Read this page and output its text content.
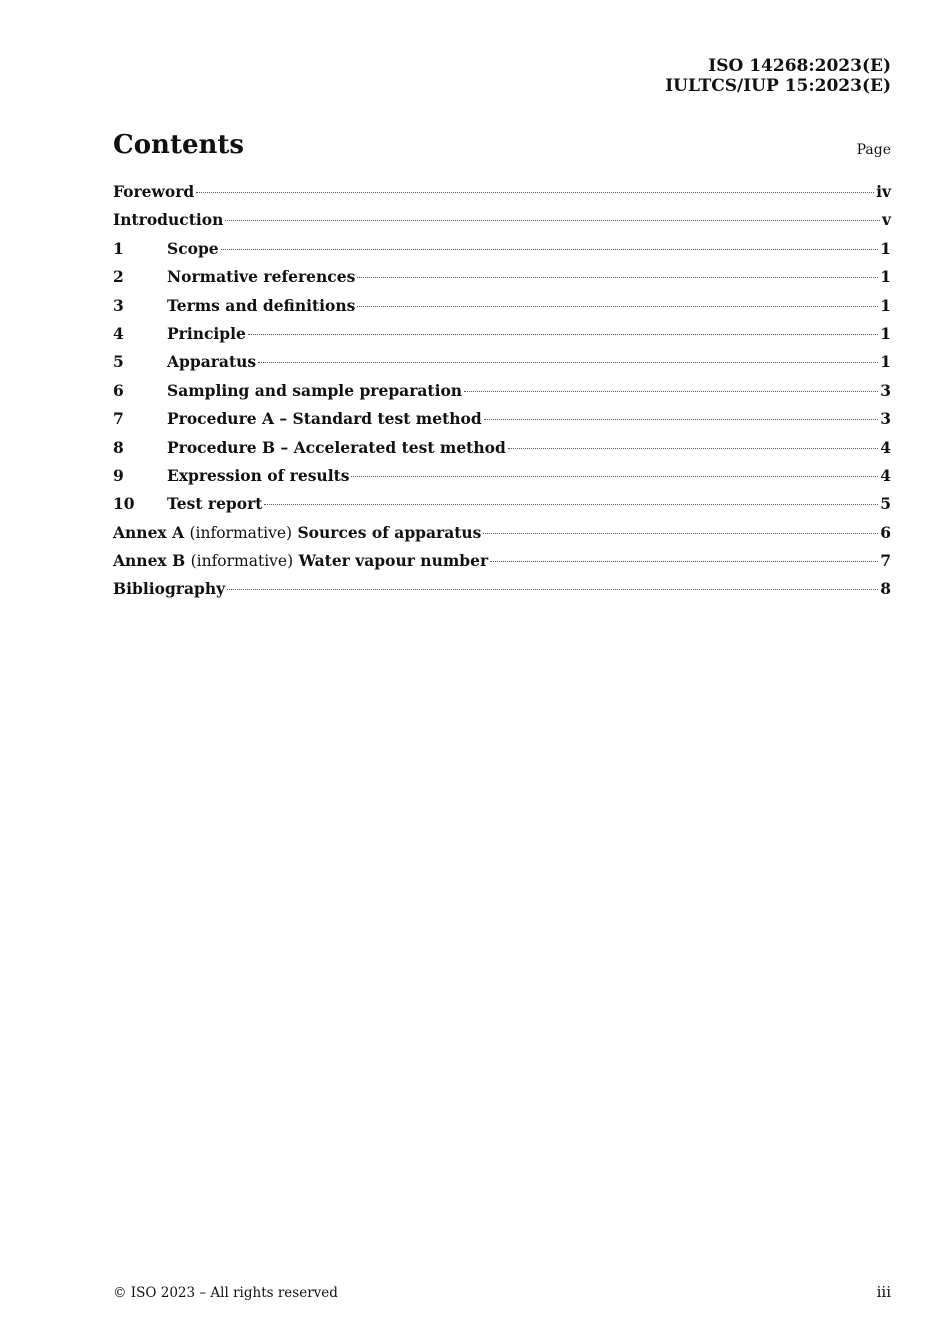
ISO 14268:2023(E)
IULTCS/IUP 15:2023(E)
Contents	Page
Foreword	iv
Introduction	v
1	Scope	1
2	Normative references	1
3	Terms and definitions	1
4	Principle	1
5	Apparatus	1
6	Sampling and sample preparation	3
7	Procedure A – Standard test method	3
8	Procedure B – Accelerated test method	4
9	Expression of results	4
10	Test report	5
Annex A (informative) Sources of apparatus	6
Annex B (informative) Water vapour number	7
Bibliography	8
© ISO 2023 – All rights reserved	iii
